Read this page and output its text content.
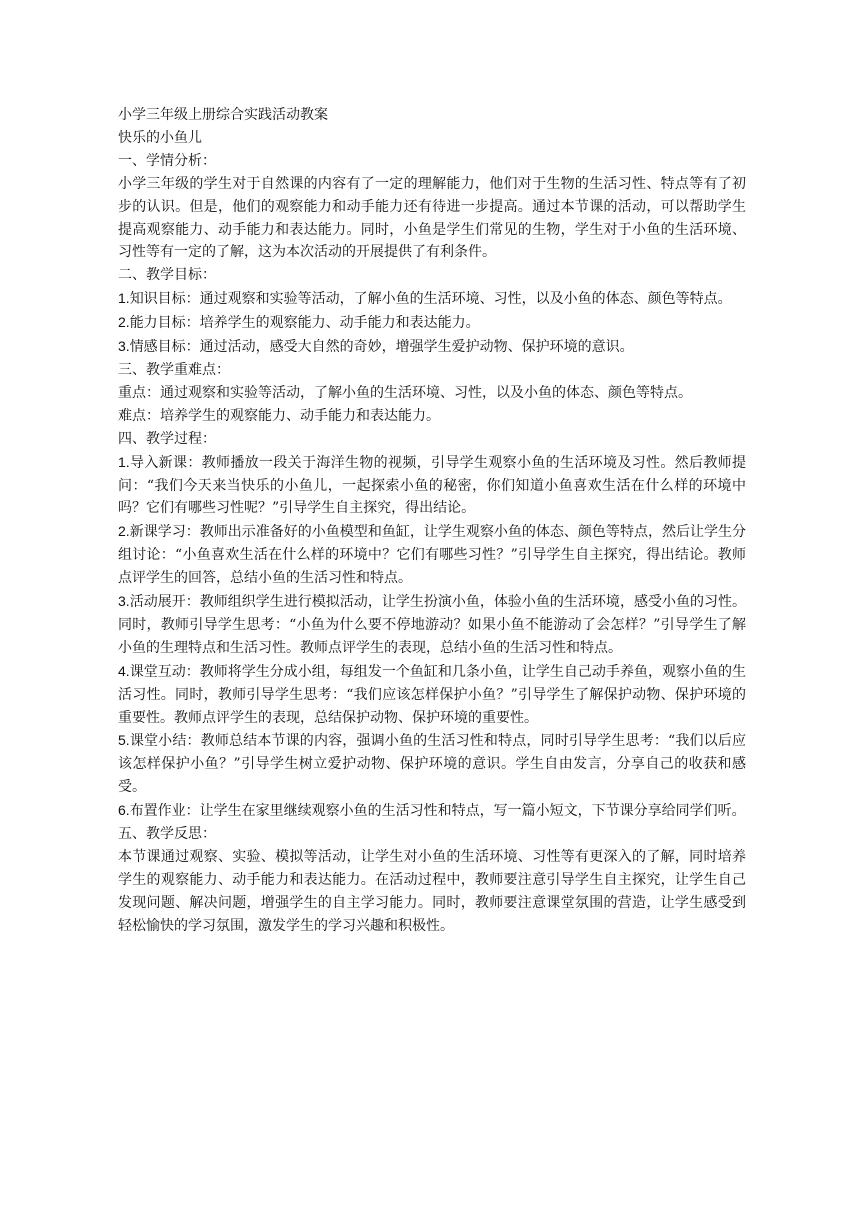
小学三年级上册综合实践活动教案

快乐的小鱼儿

一、学情分析：

小学三年级的学生对于自然课的内容有了一定的理解能力，他们对于生物的生活习性、特点等有了初步的认识。但是，他们的观察能力和动手能力还有待进一步提高。通过本节课的活动，可以帮助学生提高观察能力、动手能力和表达能力。同时，小鱼是学生们常见的生物，学生对于小鱼的生活环境、习性等有一定的了解，这为本次活动的开展提供了有利条件。

二、教学目标：

1.知识目标：通过观察和实验等活动，了解小鱼的生活环境、习性，以及小鱼的体态、颜色等特点。

2.能力目标：培养学生的观察能力、动手能力和表达能力。

3.情感目标：通过活动，感受大自然的奇妙，增强学生爱护动物、保护环境的意识。

三、教学重难点：

重点：通过观察和实验等活动，了解小鱼的生活环境、习性，以及小鱼的体态、颜色等特点。

难点：培养学生的观察能力、动手能力和表达能力。

四、教学过程：

1.导入新课：教师播放一段关于海洋生物的视频，引导学生观察小鱼的生活环境及习性。然后教师提问：“我们今天来当快乐的小鱼儿，一起探索小鱼的秘密，你们知道小鱼喜欢生活在什么样的环境中吗？它们有哪些习性呢？”引导学生自主探究，得出结论。

2.新课学习：教师出示准备好的小鱼模型和鱼缸，让学生观察小鱼的体态、颜色等特点，然后让学生分组讨论：“小鱼喜欢生活在什么样的环境中？它们有哪些习性？”引导学生自主探究，得出结论。教师点评学生的回答，总结小鱼的生活习性和特点。

3.活动展开：教师组织学生进行模拟活动，让学生扮演小鱼，体验小鱼的生活环境，感受小鱼的习性。同时，教师引导学生思考：“小鱼为什么要不停地游动？如果小鱼不能游动了会怎样？”引导学生了解小鱼的生理特点和生活习性。教师点评学生的表现，总结小鱼的生活习性和特点。

4.课堂互动：教师将学生分成小组，每组发一个鱼缸和几条小鱼，让学生自己动手养鱼，观察小鱼的生活习性。同时，教师引导学生思考：“我们应该怎样保护小鱼？”引导学生了解保护动物、保护环境的重要性。教师点评学生的表现，总结保护动物、保护环境的重要性。

5.课堂小结：教师总结本节课的内容，强调小鱼的生活习性和特点，同时引导学生思考：“我们以后应该怎样保护小鱼？”引导学生树立爱护动物、保护环境的意识。学生自由发言，分享自己的收获和感受。

6.布置作业：让学生在家里继续观察小鱼的生活习性和特点，写一篇小短文，下节课分享给同学们听。

五、教学反思：

本节课通过观察、实验、模拟等活动，让学生对小鱼的生活环境、习性等有更深入的了解，同时培养学生的观察能力、动手能力和表达能力。在活动过程中，教师要注意引导学生自主探究，让学生自己发现问题、解决问题，增强学生的自主学习能力。同时，教师要注意课堂氛围的营造，让学生感受到轻松愉快的学习氛围，激发学生的学习兴趣和积极性。
